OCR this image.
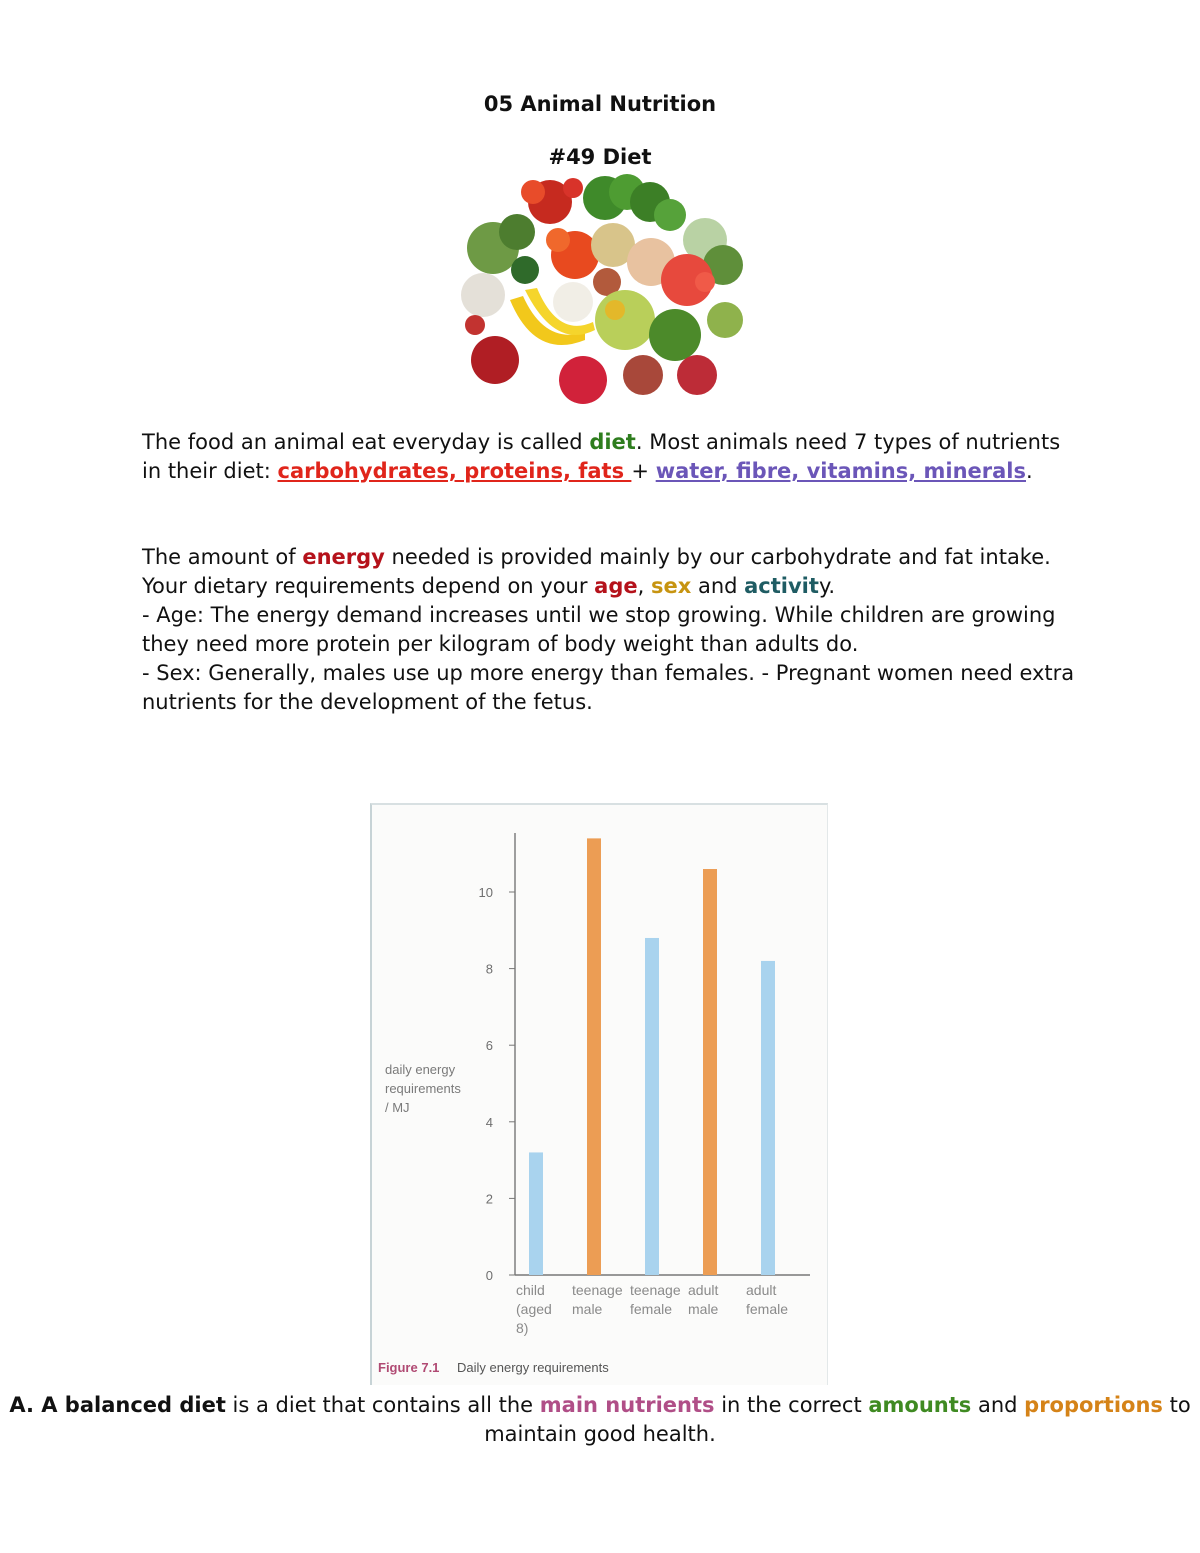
05 Animal Nutrition
#49 Diet
The food an animal eat everyday is called diet. Most animals need 7 types of nutrients in their diet: carbohydrates, proteins, fats + water, fibre, vitamins, minerals.
The amount of energy needed is provided mainly by our carbohydrate and fat intake. Your dietary requirements depend on your age, sex and activity.
- Age: The energy demand increases until we stop growing. While children are growing they need more protein per kilogram of body weight than adults do.
- Sex: Generally, males use up more energy than females. - Pregnant women need extra nutrients for the development of the fetus.
0
2
4
6
8
10
child (aged 8)
teenage male
teenage female
adult male
adult female
daily energy
requirements
/ MJ
Figure 7.1 Daily energy requirements
A. A balanced diet is a diet that contains all the main nutrients in the correct amounts and proportions to maintain good health.
